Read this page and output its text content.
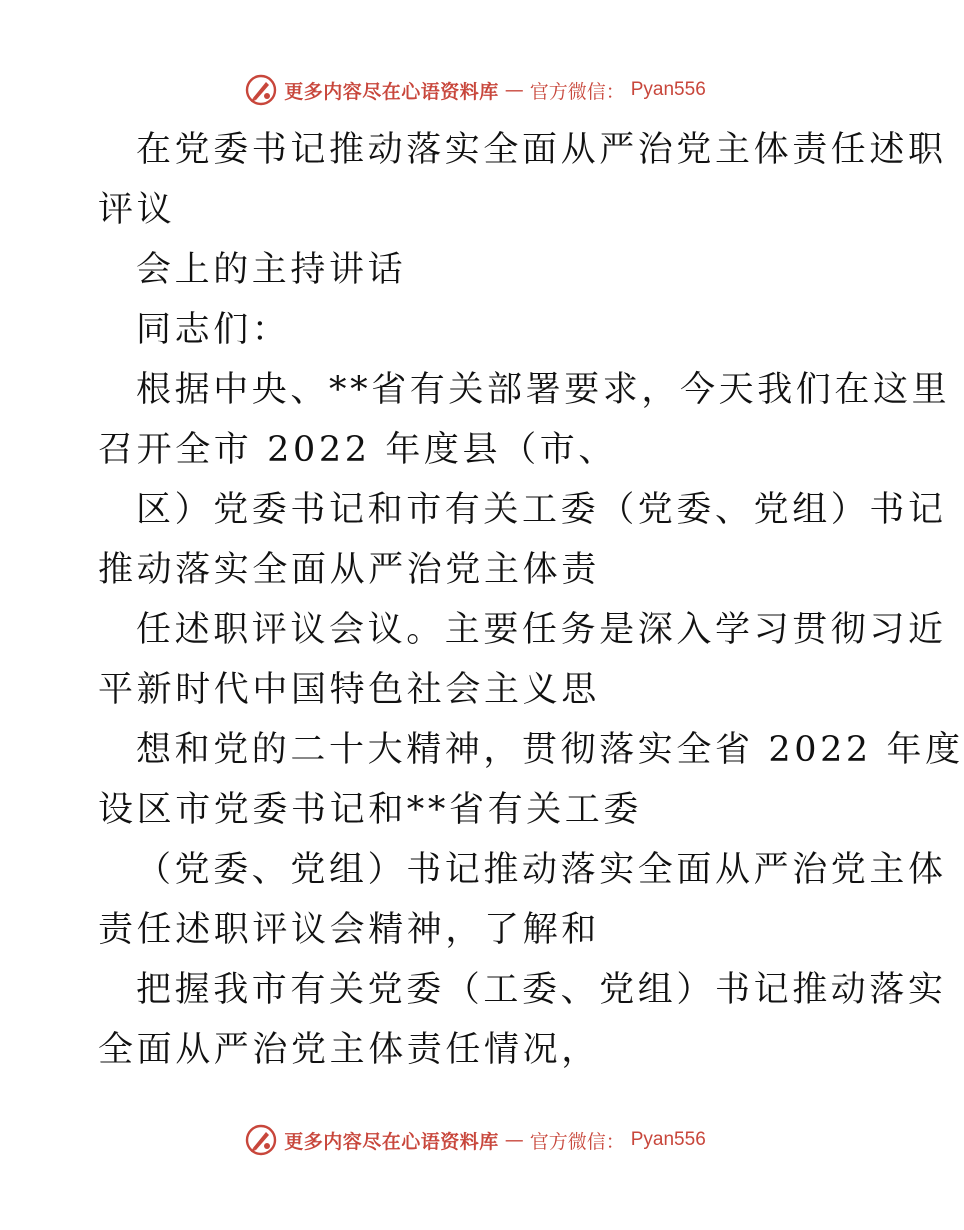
更多内容尽在心语资料库 — 官方微信： Pyan556
在党委书记推动落实全面从严治党主体责任述职
评议
会上的主持讲话
同志们：
根据中央、**省有关部署要求，今天我们在这里
召开全市 2022 年度县（市、
区）党委书记和市有关工委（党委、党组）书记
推动落实全面从严治党主体责
任述职评议会议。主要任务是深入学习贯彻习近
平新时代中国特色社会主义思
想和党的二十大精神，贯彻落实全省 2022 年度
设区市党委书记和**省有关工委
（党委、党组）书记推动落实全面从严治党主体
责任述职评议会精神，了解和
把握我市有关党委（工委、党组）书记推动落实
全面从严治党主体责任情况，
更多内容尽在心语资料库 — 官方微信： Pyan556
